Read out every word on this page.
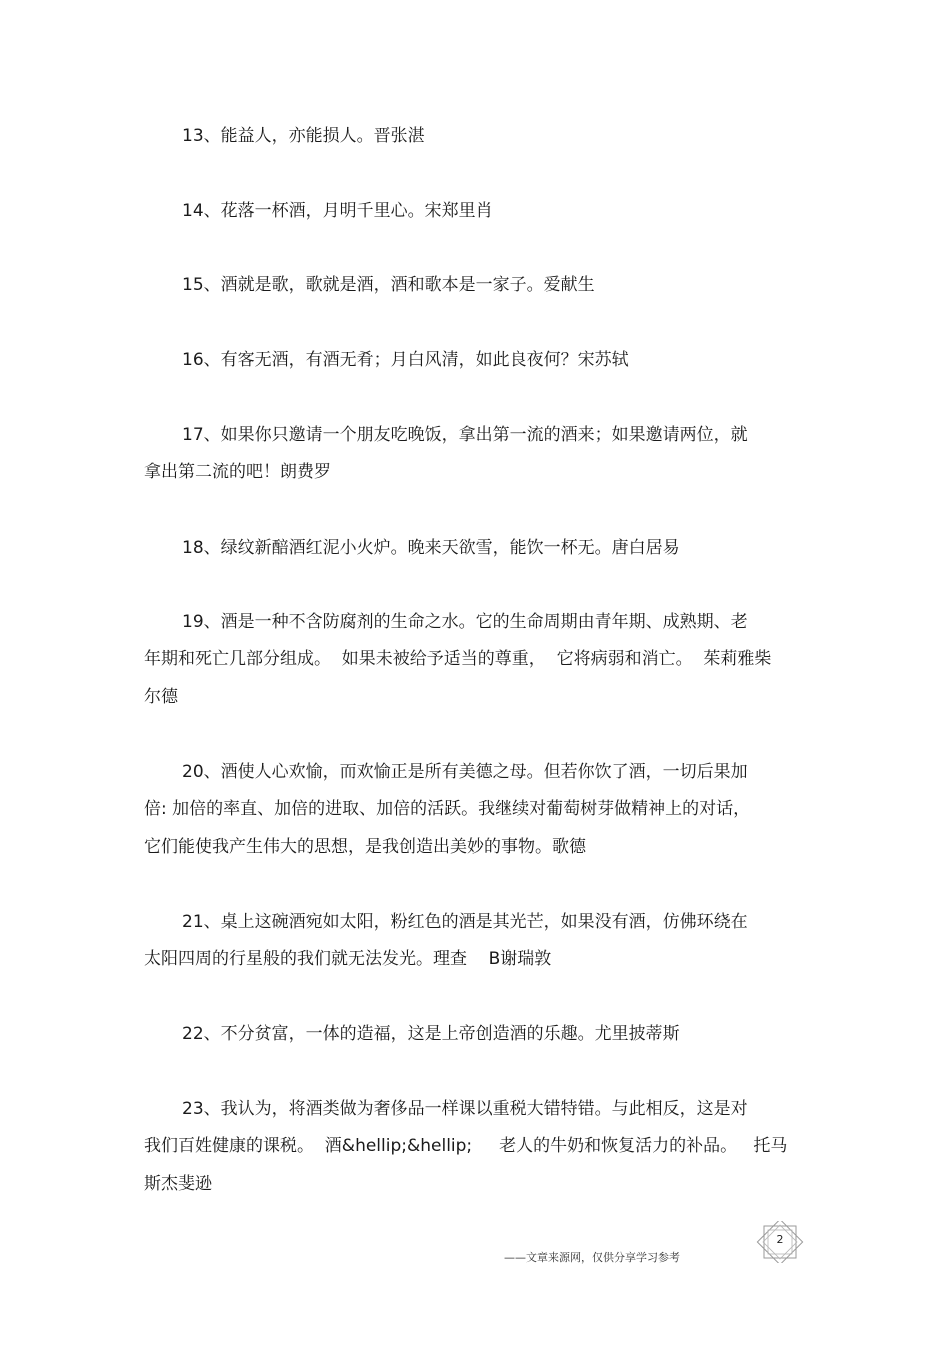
13、能益人，亦能损人。晋张湛
14、花落一杯酒，月明千里心。宋郑里肖
15、酒就是歌，歌就是酒，酒和歌本是一家子。爱献生
16、有客无酒，有酒无肴；月白风清，如此良夜何？宋苏轼
17、如果你只邀请一个朋友吃晚饭，拿出第一流的酒来；如果邀请两位，就
拿出第二流的吧！朗费罗
18、绿纹新醅酒红泥小火炉。晚来天欲雪，能饮一杯无。唐白居易
19、酒是一种不含防腐剂的生命之水。它的生命周期由青年期、成熟期、老
年期和死亡几部分组成。  如果未被给予适当的尊重，  它将病弱和消亡。  茱莉雅柴
尔德
20、酒使人心欢愉，而欢愉正是所有美德之母。但若你饮了酒，一切后果加
倍: 加倍的率直、加倍的进取、加倍的活跃。我继续对葡萄树芽做精神上的对话，
它们能使我产生伟大的思想，是我创造出美妙的事物。歌德
21、桌上这碗酒宛如太阳，粉红色的酒是其光芒，如果没有酒，仿佛环绕在
太阳四周的行星般的我们就无法发光。理查    B谢瑞敦
22、不分贫富，一体的造福，这是上帝创造酒的乐趣。尤里披蒂斯
23、我认为，将酒类做为奢侈品一样课以重税大错特错。与此相反，这是对
我们百姓健康的课税。  酒&hellip;&hellip;     老人的牛奶和恢复活力的补品。   托马
斯杰斐逊
——文章来源网，仅供分享学习参考
2
